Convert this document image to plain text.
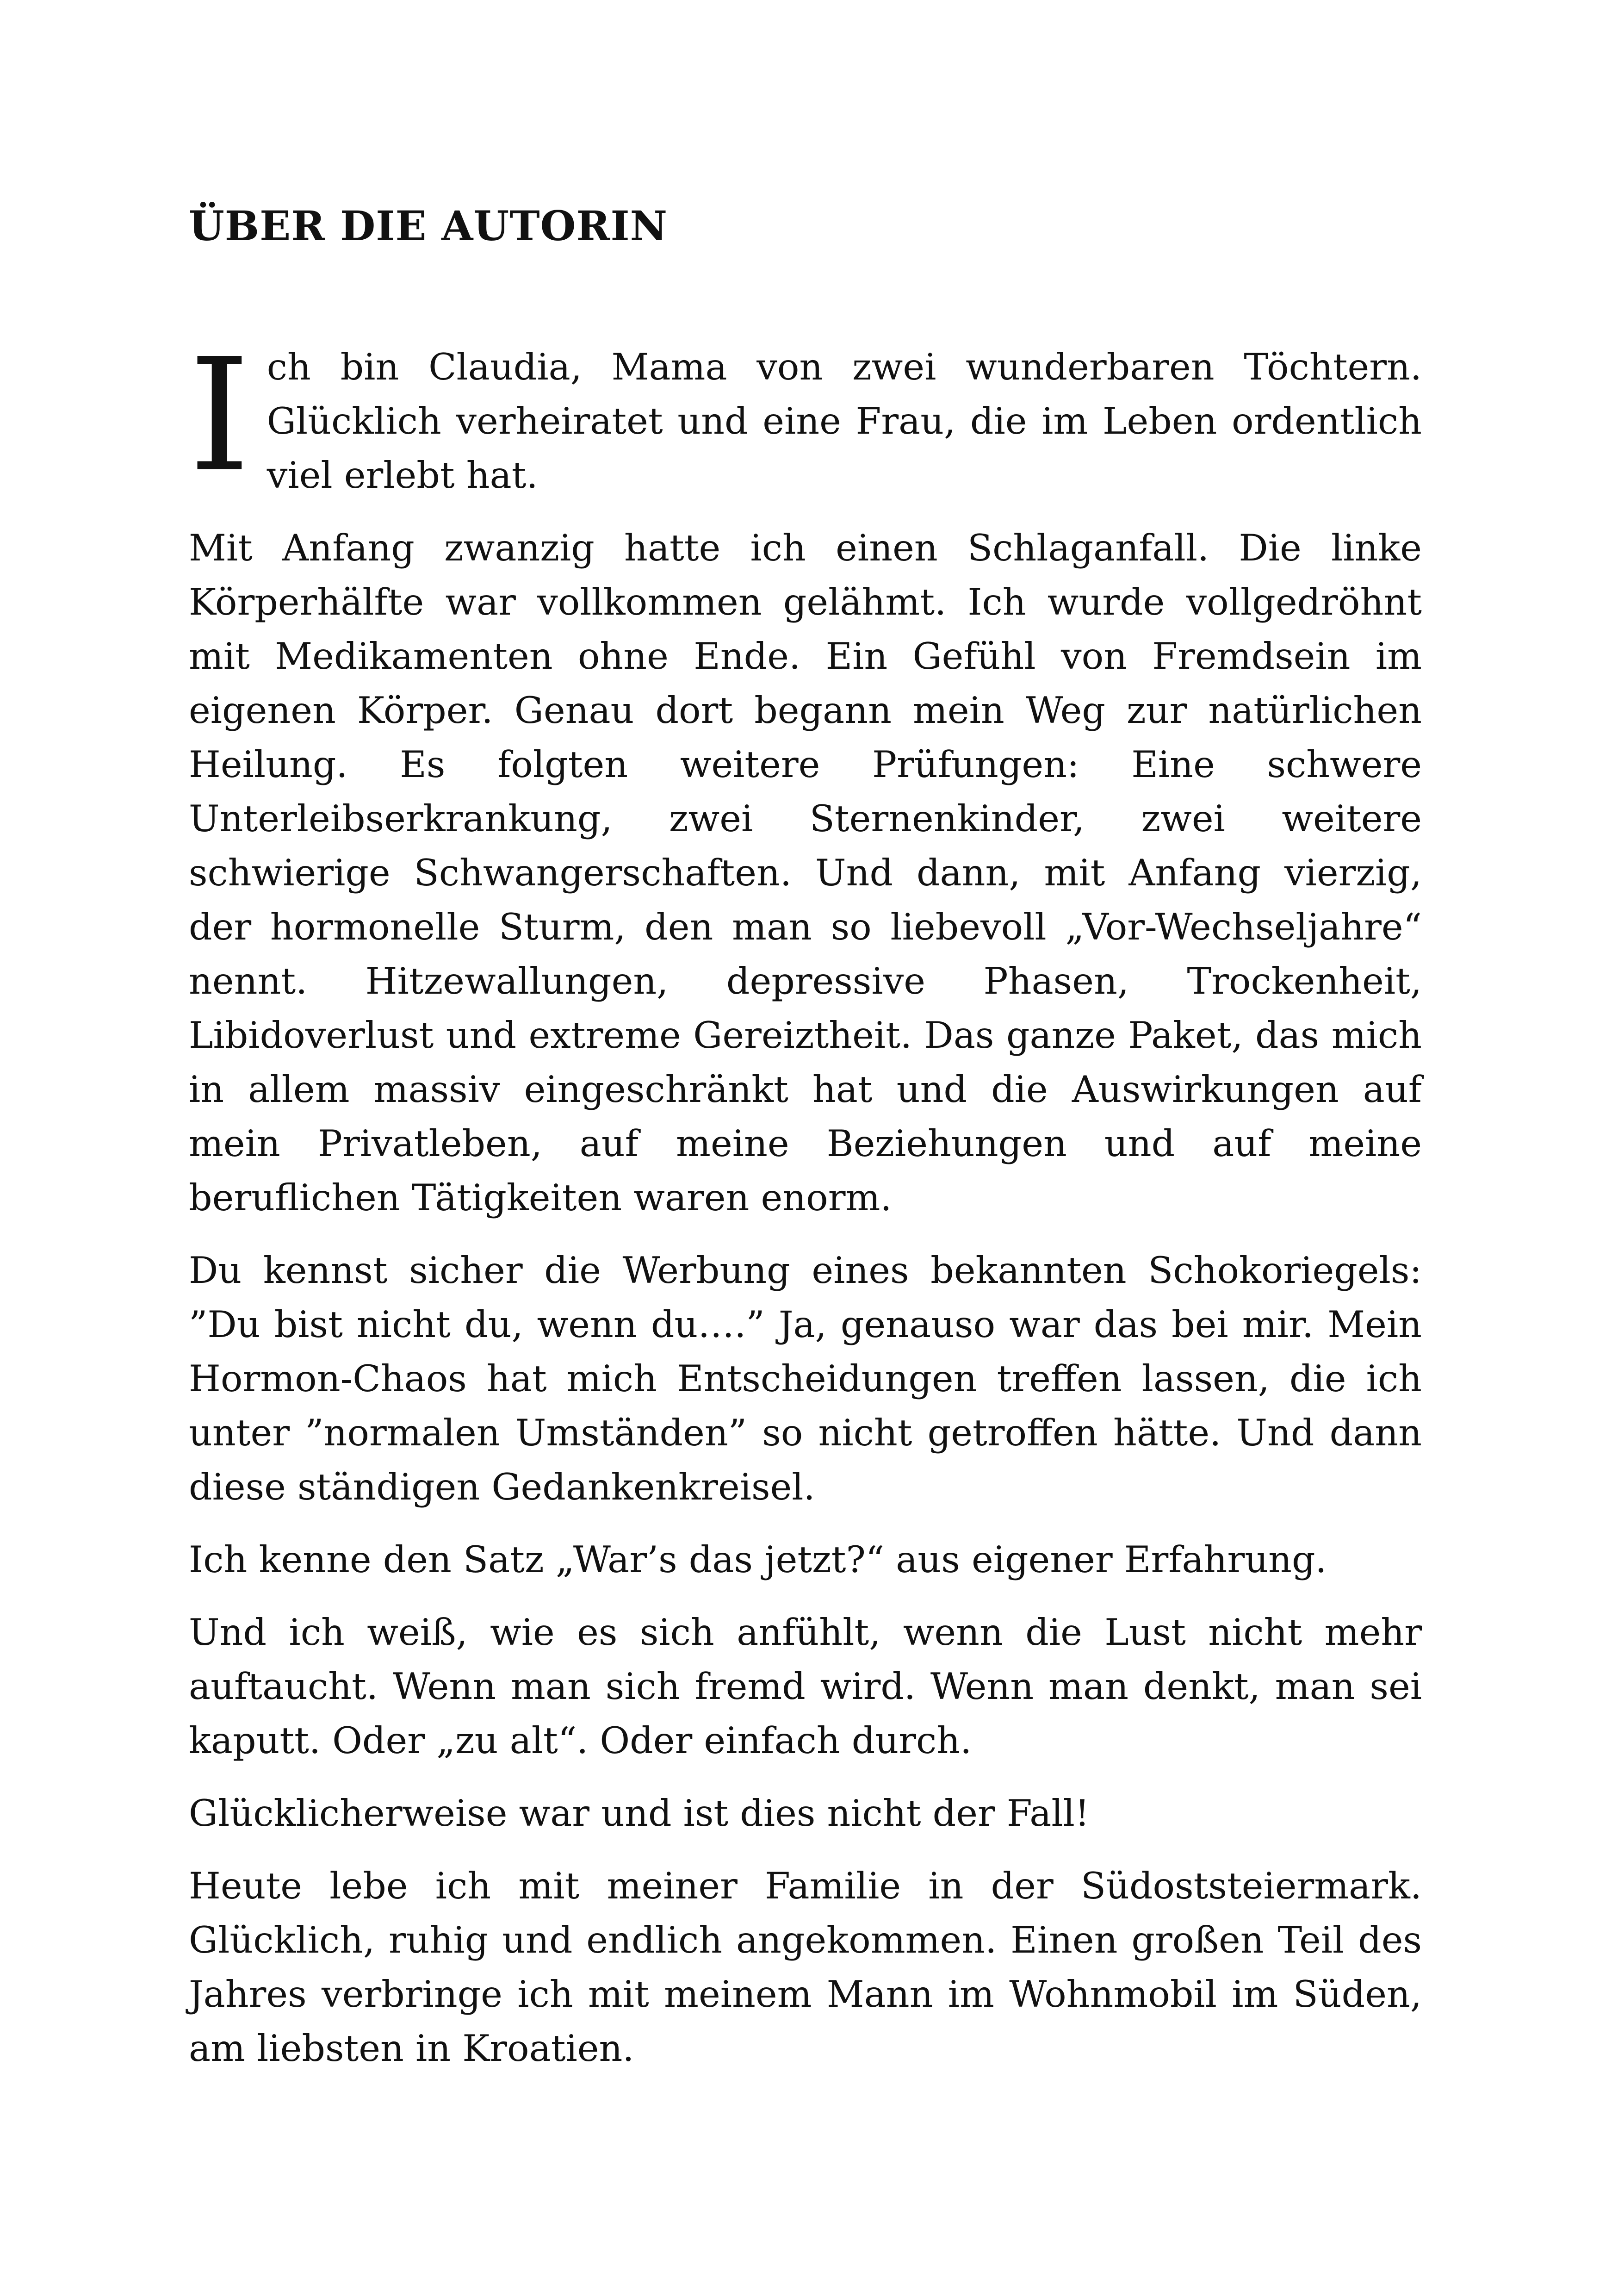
ÜBER DIE AUTORIN

Ich bin Claudia, Mama von zwei wunderbaren Töchtern. Glücklich verheiratet und eine Frau, die im Leben ordentlich viel erlebt hat.

Mit Anfang zwanzig hatte ich einen Schlaganfall. Die linke Körperhälfte war vollkommen gelähmt. Ich wurde vollgedröhnt mit Medikamenten ohne Ende. Ein Gefühl von Fremdsein im eigenen Körper. Genau dort begann mein Weg zur natürlichen Heilung. Es folgten weitere Prüfungen: Eine schwere Unterleibserkrankung, zwei Sternenkinder, zwei weitere schwierige Schwangerschaften. Und dann, mit Anfang vierzig, der hormonelle Sturm, den man so liebevoll „Vor-Wechseljahre“ nennt. Hitzewallungen, depressive Phasen, Trockenheit, Libidoverlust und extreme Gereiztheit. Das ganze Paket, das mich in allem massiv eingeschränkt hat und die Auswirkungen auf mein Privatleben, auf meine Beziehungen und auf meine beruflichen Tätigkeiten waren enorm.

Du kennst sicher die Werbung eines bekannten Schokoriegels: ”Du bist nicht du, wenn du….” Ja, genauso war das bei mir. Mein Hormon-Chaos hat mich Entscheidungen treffen lassen, die ich unter ”normalen Umständen” so nicht getroffen hätte. Und dann diese ständigen Gedankenkreisel.

Ich kenne den Satz „War’s das jetzt?“ aus eigener Erfahrung.

Und ich weiß, wie es sich anfühlt, wenn die Lust nicht mehr auftaucht. Wenn man sich fremd wird. Wenn man denkt, man sei kaputt. Oder „zu alt“. Oder einfach durch.

Glücklicherweise war und ist dies nicht der Fall!

Heute lebe ich mit meiner Familie in der Südoststeiermark. Glücklich, ruhig und endlich angekommen. Einen großen Teil des Jahres verbringe ich mit meinem Mann im Wohnmobil im Süden, am liebsten in Kroatien.
